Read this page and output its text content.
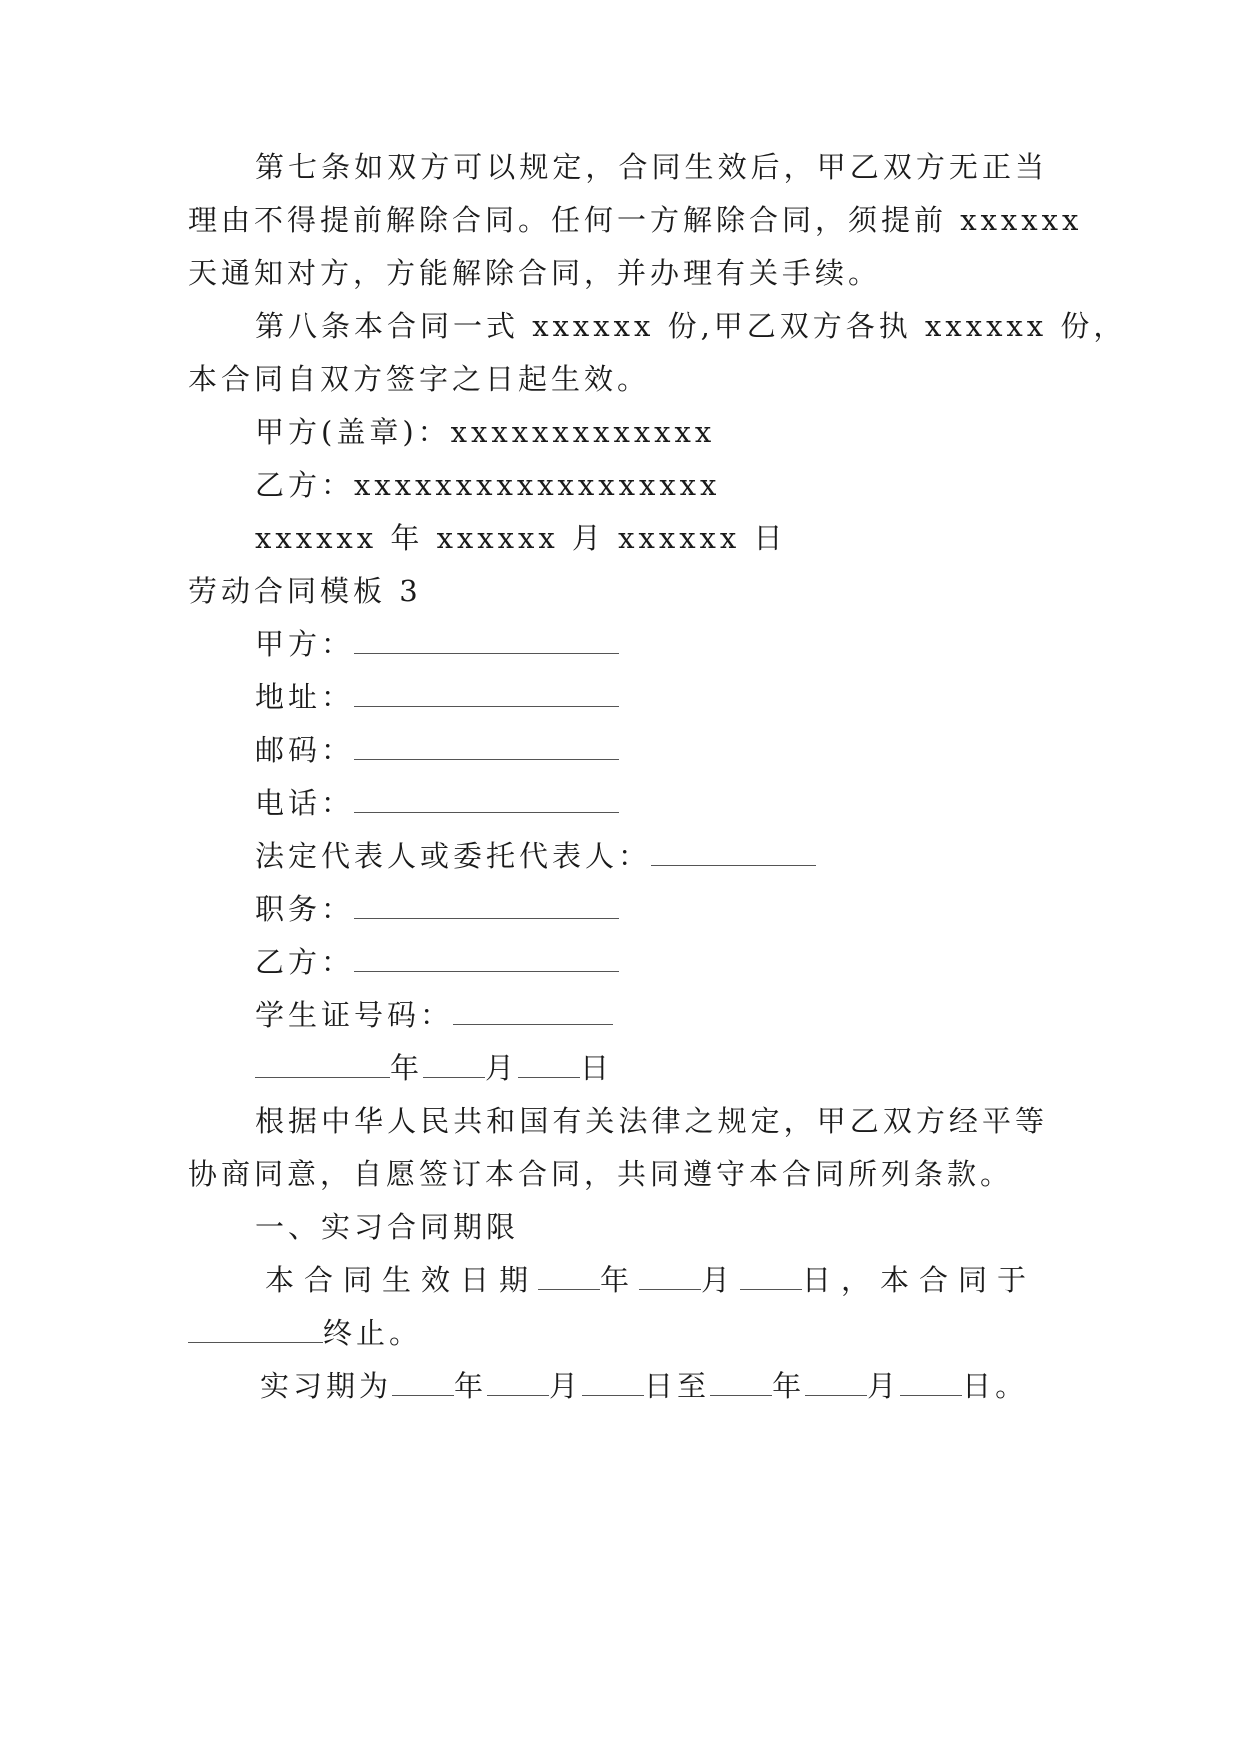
第七条如双方可以规定，合同生效后，甲乙双方无正当
理由不得提前解除合同。任何一方解除合同，须提前 xxxxxx
天通知对方，方能解除合同，并办理有关手续。
第八条本合同一式 xxxxxx 份,甲乙双方各执 xxxxxx 份，
本合同自双方签字之日起生效。
甲方(盖章)：xxxxxxxxxxxxx
乙方：xxxxxxxxxxxxxxxxxx
xxxxxx 年 xxxxxx 月 xxxxxx 日
劳动合同模板 3
甲方：
地址：
邮码：
电话：
法定代表人或委托代表人：
职务：
乙方：
学生证号码：
年 月 日
根据中华人民共和国有关法律之规定，甲乙双方经平等
协商同意，自愿签订本合同，共同遵守本合同所列条款。
一、实习合同期限
本合同生效日期 年 月 日，本合同于
终止。
实习期为 年 月 日至 年 月 日。
